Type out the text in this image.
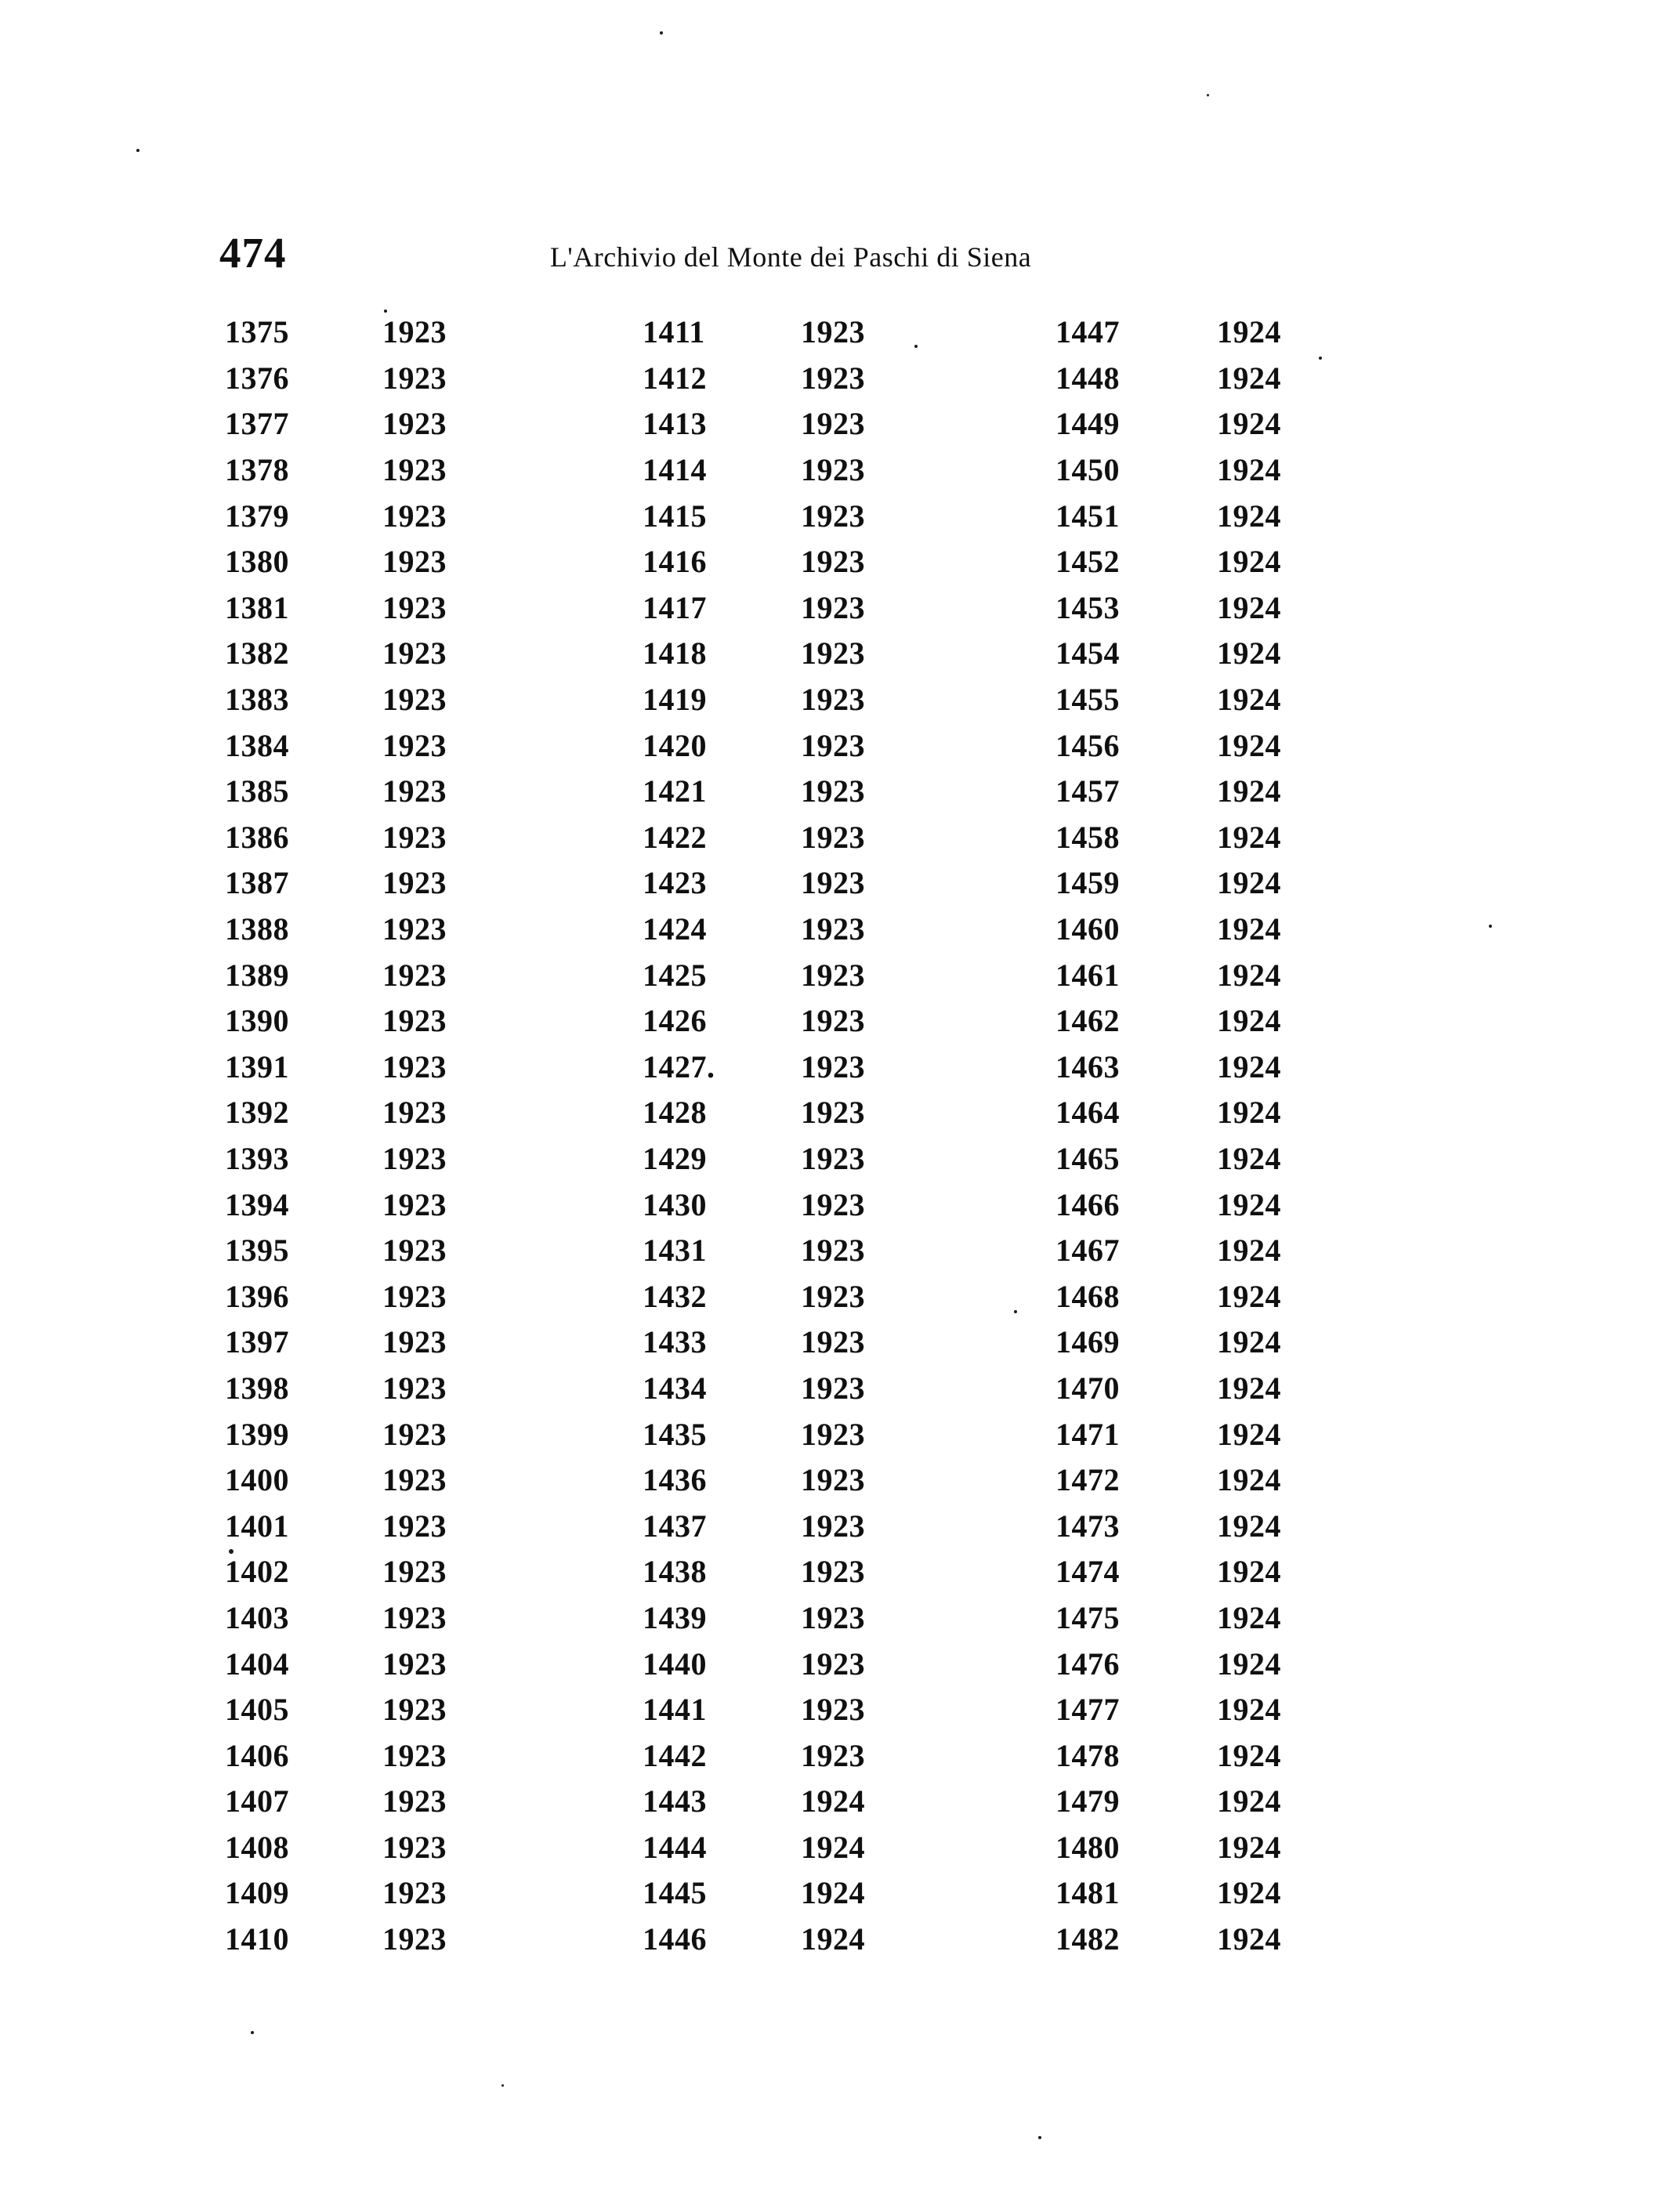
474	L'Archivio del Monte dei Paschi di Siena
1375	1923
1376	1923
1377	1923
1378	1923
1379	1923
1380	1923
1381	1923
1382	1923
1383	1923
1384	1923
1385	1923
1386	1923
1387	1923
1388	1923
1389	1923
1390	1923
1391	1923
1392	1923
1393	1923
1394	1923
1395	1923
1396	1923
1397	1923
1398	1923
1399	1923
1400	1923
1401	1923
1402	1923
1403	1923
1404	1923
1405	1923
1406	1923
1407	1923
1408	1923
1409	1923
1410	1923
1411	1923
1412	1923
1413	1923
1414	1923
1415	1923
1416	1923
1417	1923
1418	1923
1419	1923
1420	1923
1421	1923
1422	1923
1423	1923
1424	1923
1425	1923
1426	1923
1427.	1923
1428	1923
1429	1923
1430	1923
1431	1923
1432	1923
1433	1923
1434	1923
1435	1923
1436	1923
1437	1923
1438	1923
1439	1923
1440	1923
1441	1923
1442	1923
1443	1924
1444	1924
1445	1924
1446	1924
1447	1924
1448	1924
1449	1924
1450	1924
1451	1924
1452	1924
1453	1924
1454	1924
1455	1924
1456	1924
1457	1924
1458	1924
1459	1924
1460	1924
1461	1924
1462	1924
1463	1924
1464	1924
1465	1924
1466	1924
1467	1924
1468	1924
1469	1924
1470	1924
1471	1924
1472	1924
1473	1924
1474	1924
1475	1924
1476	1924
1477	1924
1478	1924
1479	1924
1480	1924
1481	1924
1482	1924
